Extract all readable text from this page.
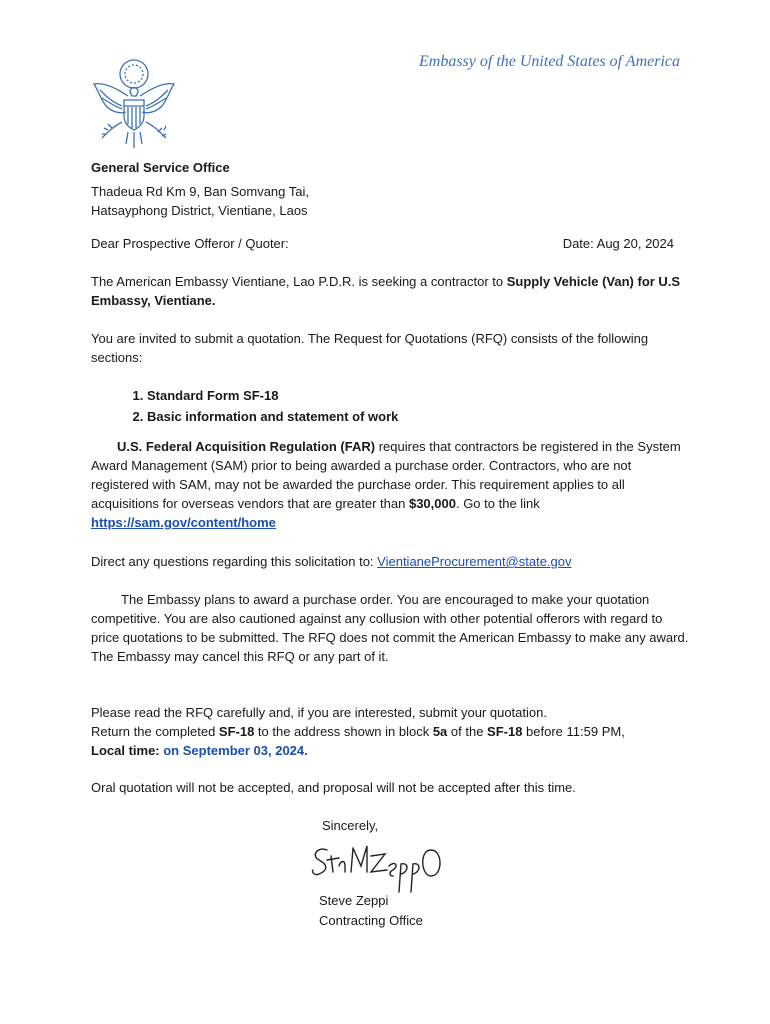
Embassy of the United States of America
General Service Office
Thadeua Rd Km 9, Ban Somvang Tai,
Hatsayphong District, Vientiane, Laos
Dear Prospective Offeror / Quoter:	Date: Aug 20, 2024
The American Embassy Vientiane, Lao P.D.R. is seeking a contractor to Supply Vehicle (Van) for U.S Embassy, Vientiane.
You are invited to submit a quotation. The Request for Quotations (RFQ) consists of the following sections:
1. Standard Form SF-18
2. Basic information and statement of work
U.S. Federal Acquisition Regulation (FAR) requires that contractors be registered in the System Award Management (SAM) prior to being awarded a purchase order. Contractors, who are not registered with SAM, may not be awarded the purchase order. This requirement applies to all acquisitions for overseas vendors that are greater than $30,000. Go to the link
https://sam.gov/content/home
Direct any questions regarding this solicitation to: VientianeProcurement@state.gov
The Embassy plans to award a purchase order. You are encouraged to make your quotation competitive. You are also cautioned against any collusion with other potential offerors with regard to price quotations to be submitted. The RFQ does not commit the American Embassy to make any award. The Embassy may cancel this RFQ or any part of it.
Please read the RFQ carefully and, if you are interested, submit your quotation.
Return the completed SF-18 to the address shown in block 5a of the SF-18 before 11:59 PM,
Local time: on September 03, 2024.
Oral quotation will not be accepted, and proposal will not be accepted after this time.
Sincerely,
Steve Zeppi
Contracting Office
